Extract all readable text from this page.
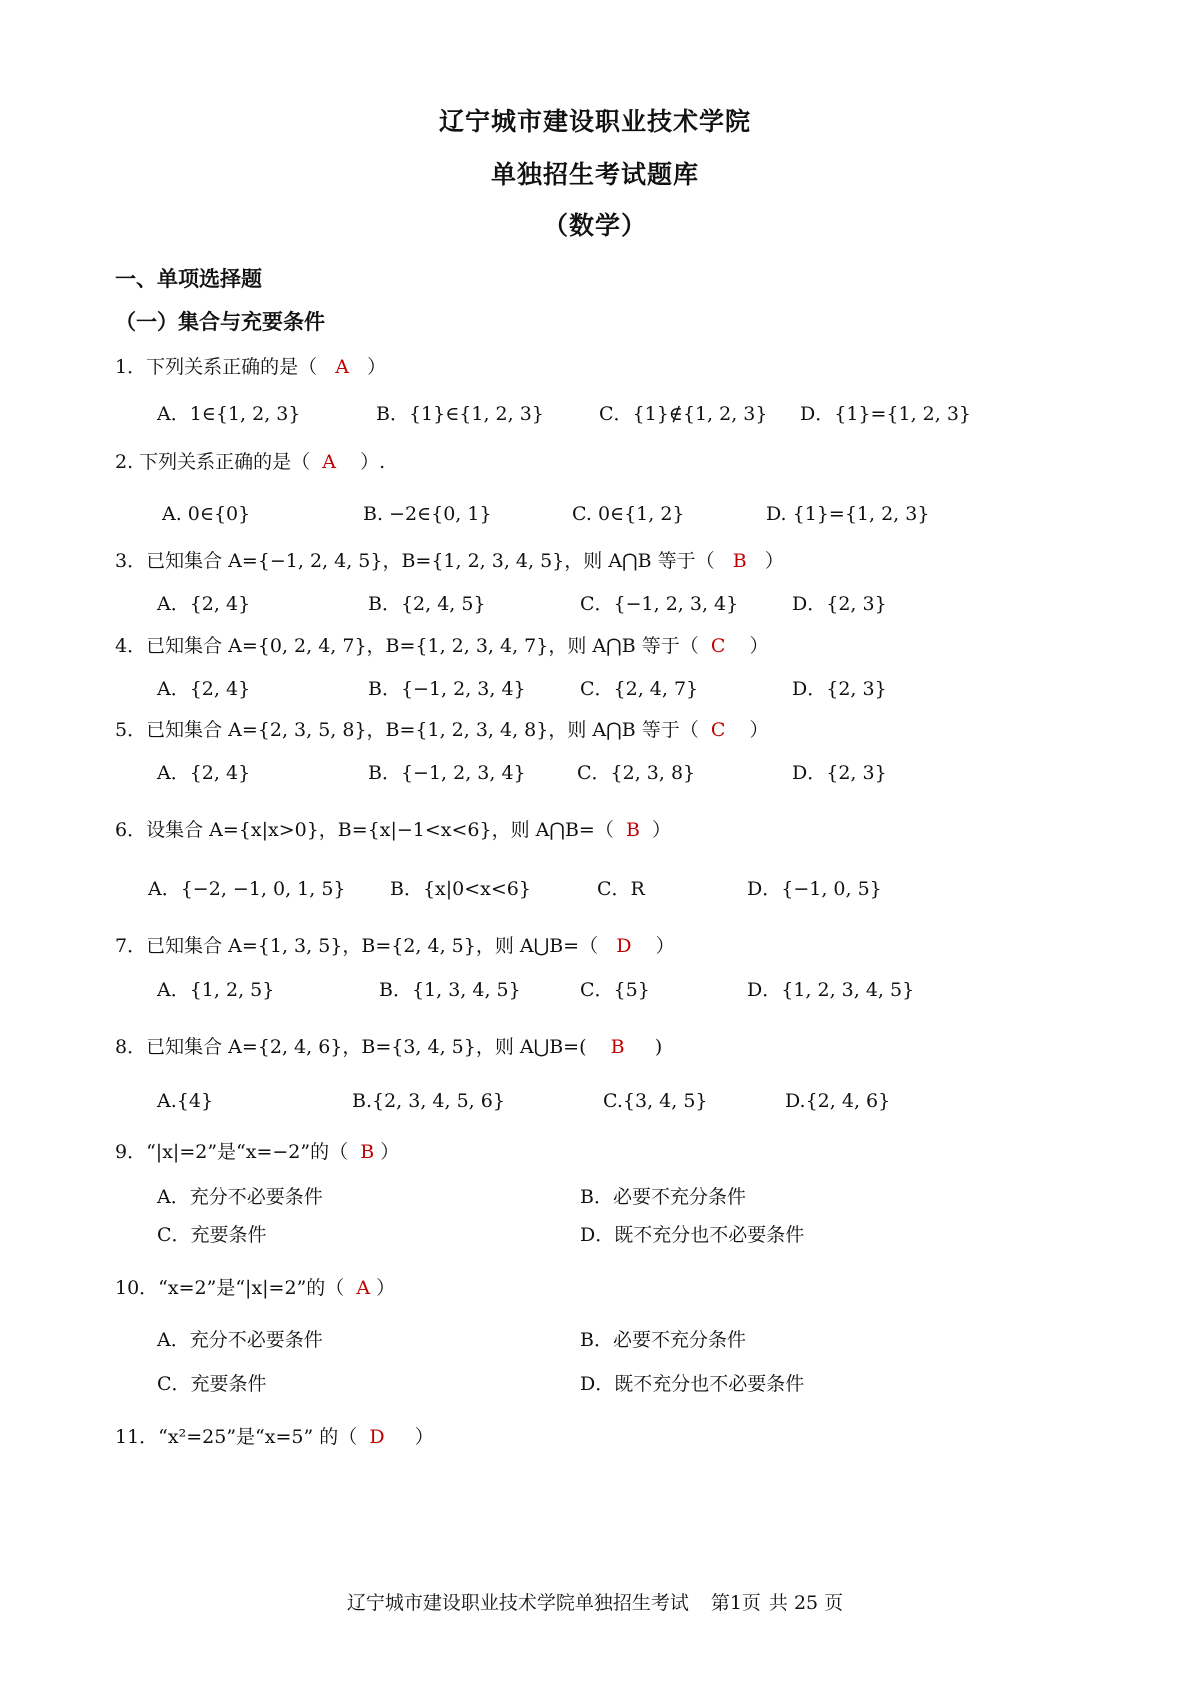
辽宁城市建设职业技术学院
单独招生考试题库
（数学）
一、单项选择题
（一）集合与充要条件
1．下列关系正确的是（ A ）
A．1∈{1, 2, 3}	B．{1}∈{1, 2, 3}	C．{1}∉{1, 2, 3} D．{1}={1, 2, 3}
2. 下列关系正确的是（ A ）.
A. 0∈{0}	B. −2∈{0, 1}	C. 0∈{1, 2}	D. {1}={1, 2, 3}
3．已知集合 A={−1, 2, 4, 5}，B={1, 2, 3, 4, 5}，则 A⋂B 等于（ B ）
A．{2, 4}	B．{2, 4, 5}	C．{−1, 2, 3, 4}	D．{2, 3}
4．已知集合 A={0, 2, 4, 7}，B={1, 2, 3, 4, 7}，则 A⋂B 等于（ C ）
A．{2, 4}	B．{−1, 2, 3, 4}	C．{2, 4, 7}	D．{2, 3}
5．已知集合 A={2, 3, 5, 8}，B={1, 2, 3, 4, 8}，则 A⋂B 等于（ C ）
A．{2, 4}	B．{−1, 2, 3, 4}	C．{2, 3, 8}	D．{2, 3}
6．设集合 A={x|x>0}，B={x|−1<x<6}，则 A⋂B=（ B ）
A．{−2, −1, 0, 1, 5} B．{x|0<x<6}	C．R	D．{−1, 0, 5}
7．已知集合 A={1, 3, 5}，B={2, 4, 5}，则 A⋃B=（ D ）
A．{1, 2, 5}	B．{1, 3, 4, 5}	C．{5}	D．{1, 2, 3, 4, 5}
8．已知集合 A={2, 4, 6}，B={3, 4, 5}，则 A⋃B=( B )
A.{4}	B.{2, 3, 4, 5, 6}	C.{3, 4, 5}	D.{2, 4, 6}
9．“|x|=2”是“x=−2”的（ B ）
A．充分不必要条件	B．必要不充分条件
C．充要条件	D．既不充分也不必要条件
10．“x=2”是“|x|=2”的（ A ）
A．充分不必要条件	B．必要不充分条件
C．充要条件	D．既不充分也不必要条件
11．“x²=25”是“x=5” 的（ D ）
辽宁城市建设职业技术学院单独招生考试 第1页 共 25 页
